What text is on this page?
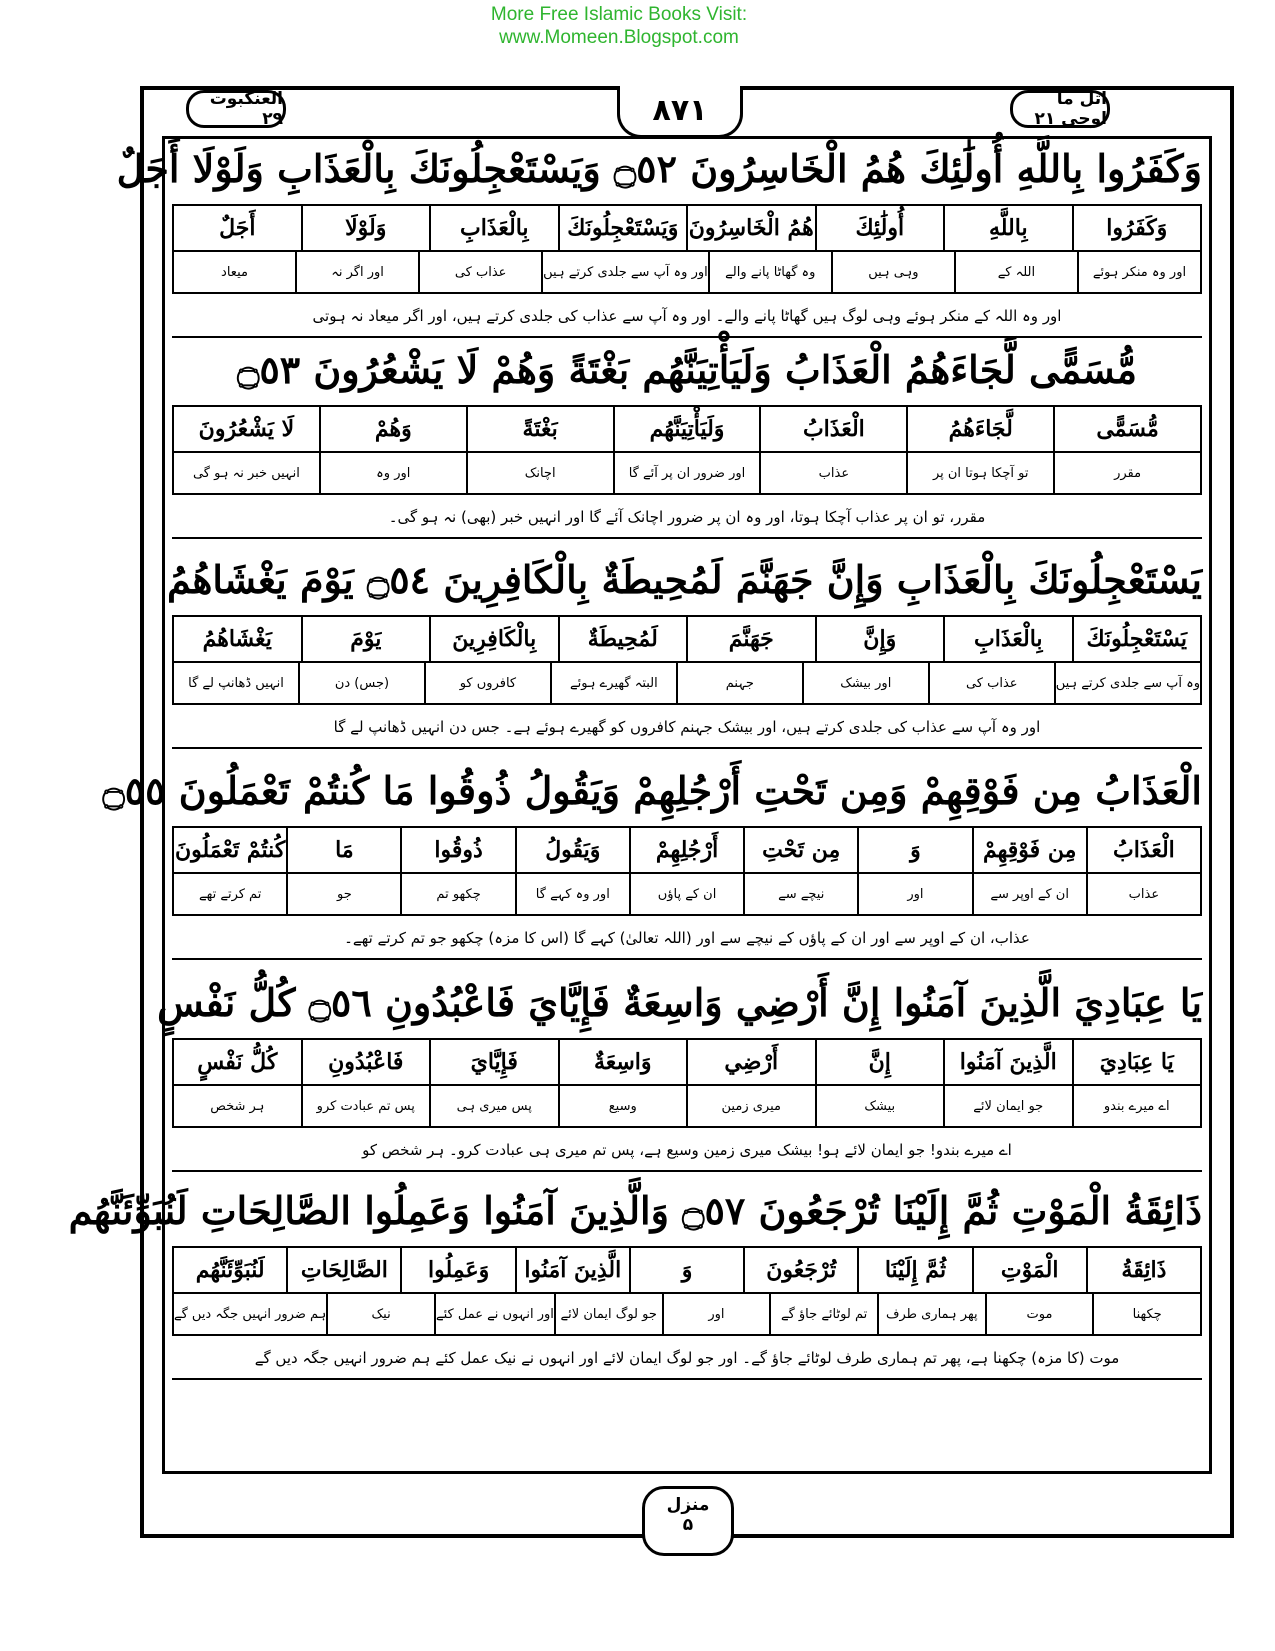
More Free Islamic Books Visit:
www.Momeen.Blogspot.com
العنکبوت ۲۹	۸۷۱	اتل ما اوحی ۲۱
وَكَفَرُوا بِاللَّهِ أُولَٰئِكَ هُمُ الْخَاسِرُونَ ۝٥٢ وَيَسْتَعْجِلُونَكَ بِالْعَذَابِ وَلَوْلَا أَجَلٌ
وَكَفَرُوا
بِاللَّهِ
أُولَٰئِكَ
هُمُ الْخَاسِرُونَ
وَيَسْتَعْجِلُونَكَ
بِالْعَذَابِ
وَلَوْلَا
أَجَلٌ
اور وہ منکر ہوئے
اللہ کے
وہی ہیں
وہ گھاٹا پانے والے
اور وہ آپ سے جلدی کرتے ہیں
عذاب کی
اور اگر نہ
میعاد
اور وہ اللہ کے منکر ہوئے وہی لوگ ہیں گھاٹا پانے والے۔ اور وہ آپ سے عذاب کی جلدی کرتے ہیں، اور اگر میعاد نہ ہوتی
مُّسَمًّى لَّجَاءَهُمُ الْعَذَابُ وَلَيَأْتِيَنَّهُم بَغْتَةً وَهُمْ لَا يَشْعُرُونَ ۝٥٣
مُّسَمًّى
لَّجَاءَهُمُ
الْعَذَابُ
وَلَيَأْتِيَنَّهُم
بَغْتَةً
وَهُمْ
لَا يَشْعُرُونَ
مقرر
تو آچکا ہوتا ان پر
عذاب
اور ضرور ان پر آئے گا
اچانک
اور وہ
انہیں خبر نہ ہو گی
مقرر، تو ان پر عذاب آچکا ہوتا، اور وہ ان پر ضرور اچانک آئے گا اور انہیں خبر (بھی) نہ ہو گی۔
يَسْتَعْجِلُونَكَ بِالْعَذَابِ وَإِنَّ جَهَنَّمَ لَمُحِيطَةٌ بِالْكَافِرِينَ ۝٥٤ يَوْمَ يَغْشَاهُمُ
يَسْتَعْجِلُونَكَ
بِالْعَذَابِ
وَإِنَّ
جَهَنَّمَ
لَمُحِيطَةٌ
بِالْكَافِرِينَ
يَوْمَ
يَغْشَاهُمُ
وہ آپ سے جلدی کرتے ہیں
عذاب کی
اور بیشک
جہنم
البتہ گھیرے ہوئے
کافروں کو
(جس) دن
انہیں ڈھانپ لے گا
اور وہ آپ سے عذاب کی جلدی کرتے ہیں، اور بیشک جہنم کافروں کو گھیرے ہوئے ہے۔ جس دن انہیں ڈھانپ لے گا
الْعَذَابُ مِن فَوْقِهِمْ وَمِن تَحْتِ أَرْجُلِهِمْ وَيَقُولُ ذُوقُوا مَا كُنتُمْ تَعْمَلُونَ ۝٥٥
الْعَذَابُ
مِن فَوْقِهِمْ
وَ
مِن تَحْتِ
أَرْجُلِهِمْ
وَيَقُولُ
ذُوقُوا
مَا
كُنتُمْ تَعْمَلُونَ
عذاب
ان کے اوپر سے
اور
نیچے سے
ان کے پاؤں
اور وہ کہے گا
چکھو تم
جو
تم کرتے تھے
عذاب، ان کے اوپر سے اور ان کے پاؤں کے نیچے سے اور (اللہ تعالیٰ) کہے گا (اس کا مزہ) چکھو جو تم کرتے تھے۔
يَا عِبَادِيَ الَّذِينَ آمَنُوا إِنَّ أَرْضِي وَاسِعَةٌ فَإِيَّايَ فَاعْبُدُونِ ۝٥٦ كُلُّ نَفْسٍ
يَا عِبَادِيَ
الَّذِينَ آمَنُوا
إِنَّ
أَرْضِي
وَاسِعَةٌ
فَإِيَّايَ
فَاعْبُدُونِ
كُلُّ نَفْسٍ
اے میرے بندو
جو ایمان لائے
بیشک
میری زمین
وسیع
پس میری ہی
پس تم عبادت کرو
ہر شخص
اے میرے بندو! جو ایمان لائے ہو! بیشک میری زمین وسیع ہے، پس تم میری ہی عبادت کرو۔ ہر شخص کو
ذَائِقَةُ الْمَوْتِ ثُمَّ إِلَيْنَا تُرْجَعُونَ ۝٥٧ وَالَّذِينَ آمَنُوا وَعَمِلُوا الصَّالِحَاتِ لَنُبَوِّئَنَّهُم
ذَائِقَةُ
الْمَوْتِ
ثُمَّ إِلَيْنَا
تُرْجَعُونَ
وَ
الَّذِينَ آمَنُوا
وَعَمِلُوا
الصَّالِحَاتِ
لَنُبَوِّئَنَّهُم
چکھنا
موت
پھر ہماری طرف
تم لوٹائے جاؤ گے
اور
جو لوگ ایمان لائے
اور انہوں نے عمل کئے
نیک
ہم ضرور انہیں جگہ دیں گے
موت (کا مزہ) چکھنا ہے، پھر تم ہماری طرف لوٹائے جاؤ گے۔ اور جو لوگ ایمان لائے اور انہوں نے نیک عمل کئے ہم ضرور انہیں جگہ دیں گے
منزل
۵
